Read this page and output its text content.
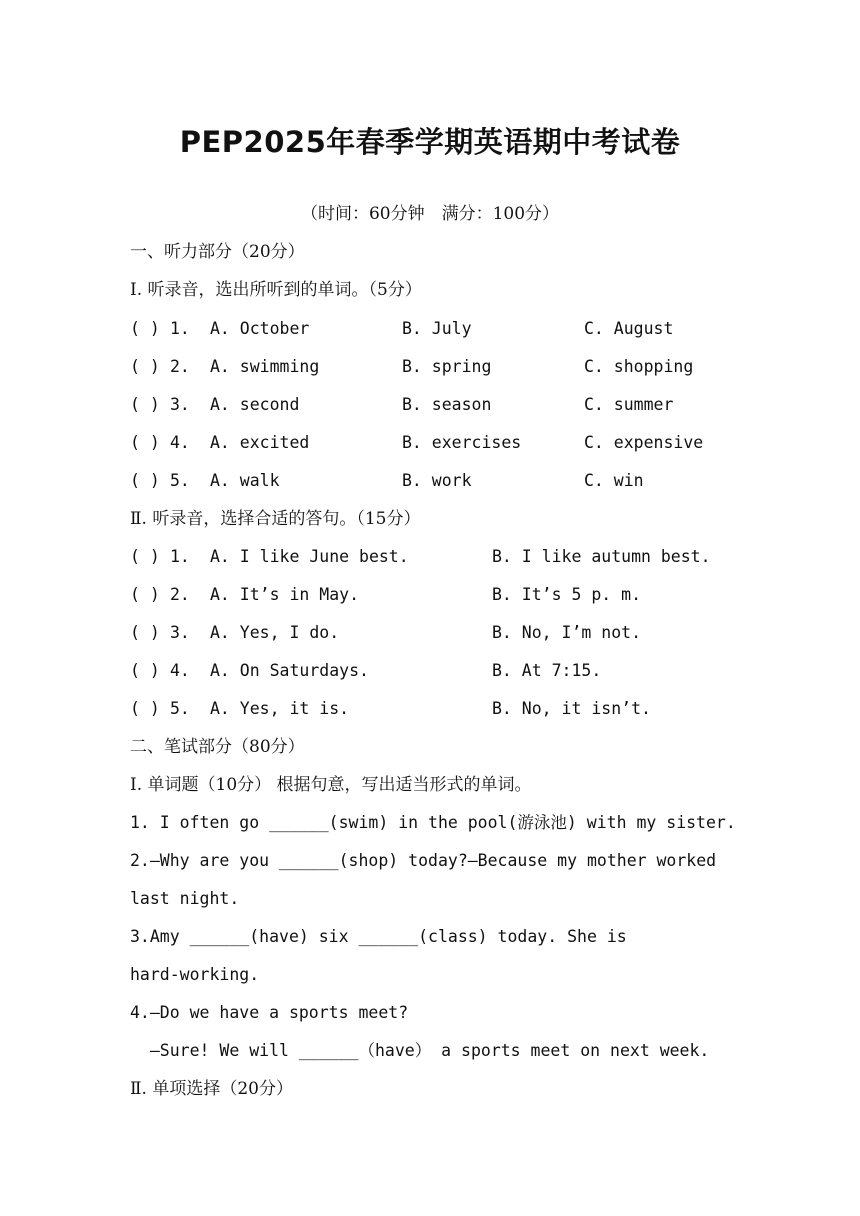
PEP2025年春季学期英语期中考试卷
（时间：60分钟　满分：100分）
一、听力部分（20分）
Ⅰ. 听录音，选出所听到的单词。（5分）
( ) 1. A. October	B. July	C. August
( ) 2. A. swimming	B. spring	C. shopping
( ) 3. A. second	B. season	C. summer
( ) 4. A. excited	B. exercises	C. expensive
( ) 5. A. walk	B. work	C. win
Ⅱ. 听录音，选择合适的答句。（15分）
( ) 1. A. I like June best.	B. I like autumn best.
( ) 2. A. It’s in May.	B. It’s 5 p. m.
( ) 3. A. Yes, I do.	B. No, I’m not.
( ) 4. A. On Saturdays.	B. At 7:15.
( ) 5. A. Yes, it is.	B. No, it isn’t.
二、笔试部分（80分）
Ⅰ. 单词题（10分） 根据句意，写出适当形式的单词。
1. I often go ______(swim) in the pool(游泳池) with my sister.
2.—Why are you ______(shop) today?—Because my mother worked
last night.
3.Amy ______(have) six ______(class) today. She is
hard-working.
4.—Do we have a sports meet?
—Sure! We will ______（have） a sports meet on next week.
Ⅱ. 单项选择（20分）
